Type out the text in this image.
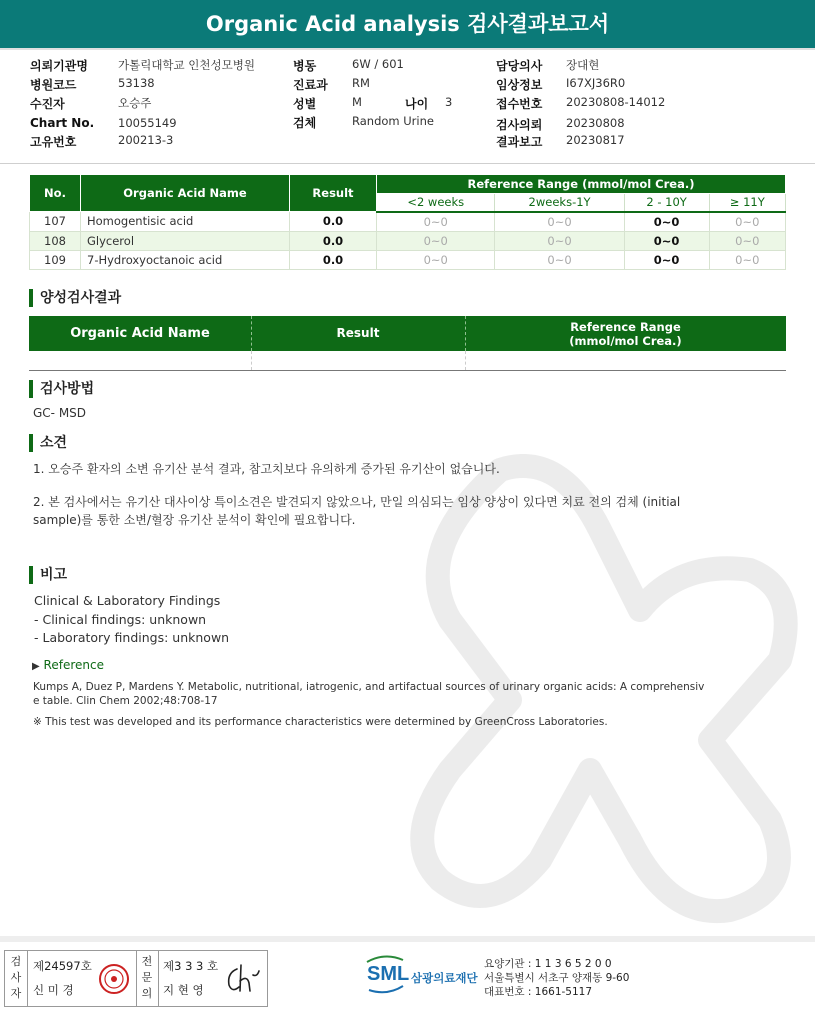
Organic Acid analysis 검사결과보고서
의뢰기관명	가톨릭대학교 인천성모병원
병원코드	53138
수진자	오승주
Chart No. 10055149
고유번호	200213-3
병동	6W / 601
진료과 RM
성별	M	나이 3
검체	Random Urine
담당의사 장대현
임상정보 I67XJ36R0
접수번호 20230808-14012
검사의뢰 20230808
결과보고 20230817
No.	Organic Acid Name	Result	Reference Range (mmol/mol Crea.)			
			<2 weeks	2weeks-1Y	2 - 10Y	≥ 11Y
107	Homogentisic acid	0.0	0~0	0~0	0~0	0~0
108	Glycerol	0.0	0~0	0~0	0~0	0~0
109	7-Hydroxyoctanoic acid	0.0	0~0	0~0	0~0	0~0
양성검사결과
Organic Acid Name	Result	Reference Range
(mmol/mol Crea.)
검사방법
GC- MSD
소견
1. 오승주 환자의 소변 유기산 분석 결과, 참고치보다 유의하게 증가된 유기산이 없습니다.
2. 본 검사에서는 유기산 대사이상 특이소견은 발견되지 않았으나, 만일 의심되는 임상 양상이 있다면 치료 전의 검체 (initial
sample)를 통한 소변/혈장 유기산 분석이 확인에 필요합니다.
비고
Clinical & Laboratory Findings
- Clinical findings: unknown
- Laboratory findings: unknown
▶ Reference
Kumps A, Duez P, Mardens Y. Metabolic, nutritional, iatrogenic, and artifactual sources of urinary organic acids: A comprehensiv
e table. Clin Chem 2002;48:708-17
※ This test was developed and its performance characteristics were determined by GreenCross Laboratories.
검
사
자
제24597호
신 미 경
전
문
의
제3 3 3 호
지 현 영
SML 삼광의료재단
요양기관 : 1 1 3 6 5 2 0 0
서울특별시 서초구 양재동 9-60
대표번호 : 1661-5117
